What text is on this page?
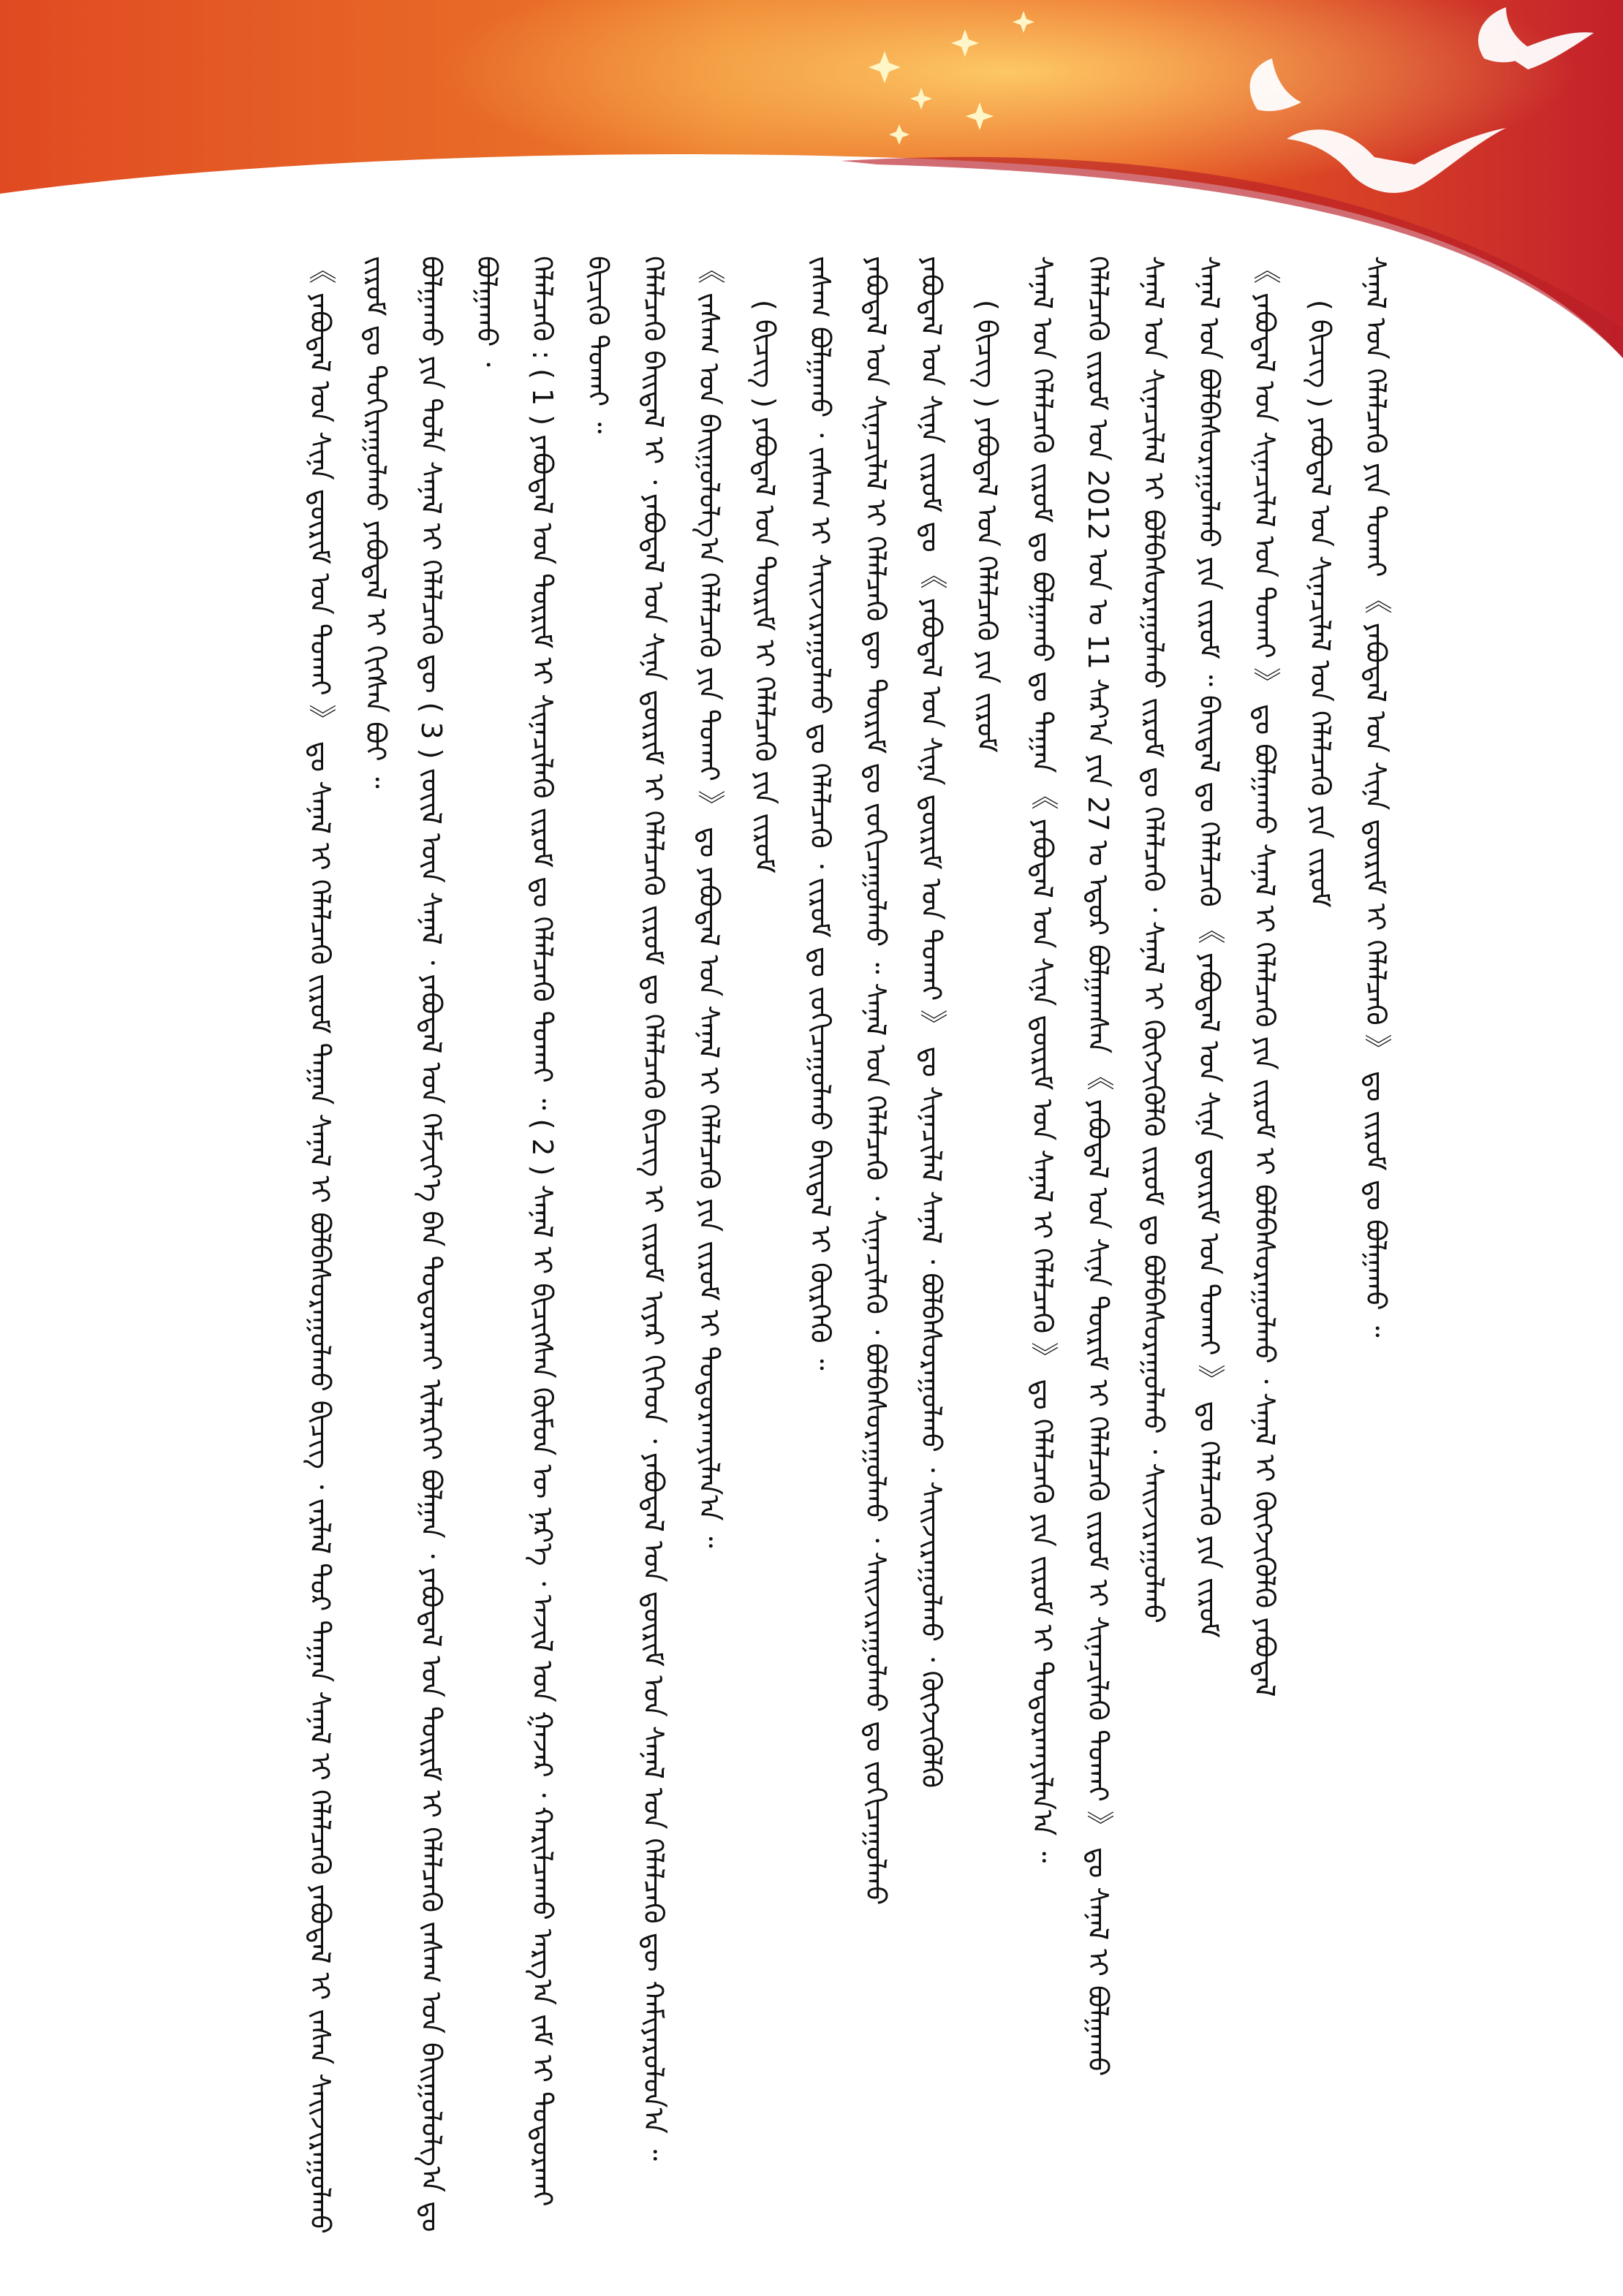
《 ᠶᠠᠪᠤᠳᠠᠯ ᠤᠨ ᠰᠢᠨᠡ ᠳ᠋ᠦᠷᠢᠮ ᠤᠨ ᠲᠤᠬᠠᠢ 》 ᠳᠤ ᠰᠠᠨᠠᠯ ᠢ ᠬᠡᠯᠡᠯᠴᠡᠬᠦ ᠵᠢᠷᠤᠮ ᠳᠠᠭᠠᠨ ᠰᠠᠨᠠᠯ ᠢ ᠪᠤᠯᠪᠠᠰᠤᠷᠠᠭᠤᠯᠬᠤ ᠪᠢᠴᠢᠭ᠌ ᠂ ᠵᠠᠷᠯᠠᠯ ᠳᠤᠷ ᠳᠠᠭᠠᠨ ᠰᠠᠨᠠᠯ ᠢ ᠬᠡᠯᠡᠯᠴᠡᠬᠦ ᠶᠠᠪᠤᠳᠠᠯ ᠢ ᠵᠠᠰᠠᠨ ᠰᠠᠢᠵᠢᠷᠠᠭᠤᠯᠬᠤ ᠵᠢᠷᠤᠮ ᠳᠤ ᠳᠤᠬᠢᠷᠠᠭᠤᠯᠬᠤ ᠶᠠᠪᠤᠳᠠᠯ ᠢ ᠬᠢᠭᠰᠡᠨ ᠪᠤᠢ ᠃ ᠪᠤᠯᠭᠠᠬᠤ ᠶᠢᠨ ᠲᠤᠯᠠ ᠰᠠᠨᠠᠯ ᠢ ᠬᠡᠯᠡᠯᠴᠡᠬᠦ ᠳᠦ ( 3 ) ᠵᠦᠢᠯ ᠦᠨ ᠰᠠᠨᠠᠯ ᠂ ᠶᠠᠪᠤᠳᠠᠯ ᠤᠨ ᠬᠡᠮᠵᠢᠶ᠎ᠡ ᠪᠠᠨ ᠲᠣᠳᠣᠷᠬᠠᠶ ᠢᠯᠡᠷᠬᠡᠶ ᠪᠣᠯᠭᠠᠨ ᠂ ᠶᠠᠪᠤᠳᠠᠯ ᠤᠨ ᠳᠦᠷᠢᠮ ᠢ ᠬᠡᠯᠡᠯᠴᠡᠬᠦ ᠵᠠᠰᠠᠭ ᠤᠨ ᠪᠠᠢᠭᠤᠯᠤᠯᠭ᠎ᠠ ᠳᠤ ᠪᠤᠯᠭᠠᠬᠤ ᠂ ᠬᠡᠯᠡᠯᠴᠡᠬᠦ : ( 1 ) ᠶᠠᠪᠤᠳᠠᠯ ᠤᠨ ᠳᠦᠷᠢᠮ ᠢ ᠰᠢᠨᠡᠴᠢᠯᠡᠬᠦ ᠵᠢᠷᠤᠮ ᠳᠤ ᠬᠡᠯᠡᠯᠴᠡᠬᠦ ᠲᠤᠬᠠᠢ ᠃ ( 2 ) ᠰᠠᠨᠠᠯ ᠢ ᠪᠢᠴᠢᠭᠰᠡᠨ ᠬᠦᠮᠦᠨ ᠦ ᠨᠡᠷ᠎ᠡ ᠂ ᠠᠵᠢᠯ ᠤᠨ ᠭᠠᠵᠠᠷ ᠂ ᠬᠠᠷᠢᠯᠴᠠᠬᠤ ᠠᠷᠭ᠎ᠠ ᠵᠠᠮ ᠢ ᠲᠣᠳᠣᠷᠬᠠᠶ ᠪᠢᠴᠢᠬᠦ ᠲᠤᠬᠠᠢ ᠃ ᠬᠡᠯᠡᠯᠴᠡᠬᠦ ᠪᠠᠢᠳᠠᠯ ᠢ ᠂ ᠶᠠᠪᠤᠳᠠᠯ ᠤᠨ ᠰᠢᠨᠡ ᠳ᠋ᠦᠷᠢᠮ ᠢ ᠬᠡᠯᠡᠯᠴᠡᠬᠦ ᠵᠢᠷᠤᠮ ᠳᠤ ᠬᠡᠯᠡᠯᠴᠡᠬᠦ ᠪᠢᠴᠢᠭ᠌ ᠢ ᠵᠢᠷᠤᠮ ᠢᠶᠠᠷ ᠬᠢᠭᠡᠳ ᠂ ᠶᠠᠪᠤᠳᠠᠯ ᠤᠨ ᠳ᠋ᠦᠷᠢᠮ ᠤᠨ ᠰᠠᠨᠠᠯ ᠤᠨ ᠬᠡᠯᠡᠯᠴᠡᠬᠦ ᠳᠦ ᠬᠠᠮᠢᠶᠠᠷᠤᠯᠤᠨ᠎ᠠ ᠃ 《 ᠵᠠᠰᠠᠭ ᠤᠨ ᠪᠠᠢᠭᠤᠯᠤᠯᠭ᠎ᠠ ᠬᠡᠯᠡᠯᠴᠡᠬᠦ ᠶᠢᠨ ᠲᠤᠬᠠᠢ 》 ᠳᠤ ᠶᠠᠪᠤᠳᠠᠯ ᠤᠨ ᠰᠠᠨᠠᠯ ᠢ ᠬᠡᠯᠡᠯᠴᠡᠬᠦ ᠶᠢᠨ ᠵᠢᠷᠤᠮ ᠢ ᠲᠣᠳᠣᠷᠬᠠᠶᠢᠯᠠᠨ᠎ᠠ ᠃ ( ᠪᠢᠴᠢᠭ᠌ ) ᠶᠠᠪᠤᠳᠠᠯ ᠤᠨ ᠳᠦᠷᠢᠮ ᠢ ᠬᠡᠯᠡᠯᠴᠡᠬᠦ ᠶᠢᠨ ᠵᠢᠷᠤᠮ ᠵᠠᠰᠠᠭ ᠪᠤᠯᠭᠠᠬᠤ ᠂ ᠵᠠᠰᠠᠭ ᠢ ᠰᠠᠢᠵᠢᠷᠠᠭᠤᠯᠬᠤ ᠳᠤ ᠬᠡᠯᠡᠯᠴᠡᠬᠦ ᠂ ᠵᠢᠷᠤᠮ ᠳᠤ ᠵᠤᠬᠢᠴᠠᠭᠤᠯᠬᠤ ᠪᠠᠢᠳᠠᠯ ᠢ ᠬᠦᠷᠭᠡᠬᠦ ᠃ ᠶᠠᠪᠤᠳᠠᠯ ᠤᠨ ᠰᠢᠨᠡᠴᠢᠯᠡᠯ ᠢ ᠬᠡᠯᠡᠯᠴᠡᠬᠦ ᠳᠦ ᠳᠦᠷᠢᠮ ᠳᠤ ᠵᠤᠬᠢᠴᠠᠭᠤᠯᠬᠤ ᠃ ᠰᠠᠨᠠᠯ ᠤᠨ ᠬᠡᠯᠡᠯᠴᠡᠬᠦ ᠂ ᠰᠢᠨᠡᠴᠢᠯᠡᠬᠦ ᠂ ᠪᠤᠯᠪᠠᠰᠤᠷᠠᠭᠤᠯᠬᠤ ᠂ ᠰᠠᠢᠵᠢᠷᠠᠭᠤᠯᠬᠤ ᠳᠤ ᠵᠤᠬᠢᠴᠠᠭᠤᠯᠬᠤ ᠶᠠᠪᠤᠳᠠᠯ ᠤᠨ ᠰᠢᠨᠡ ᠵᠢᠷᠤᠮ ᠳᠤ 《 ᠶᠠᠪᠤᠳᠠᠯ ᠤᠨ ᠰᠢᠨᠡ ᠳ᠋ᠦᠷᠢᠮ ᠤᠨ ᠲᠤᠬᠠᠢ 》 ᠳᠤ ᠰᠢᠨᠡᠴᠢᠯᠡᠯ ᠰᠠᠨᠠᠯ ᠂ ᠪᠤᠯᠪᠠᠰᠤᠷᠠᠭᠤᠯᠬᠤ ᠂ ᠰᠠᠢᠵᠢᠷᠠᠭᠤᠯᠬᠤ ᠂ ᠬᠦᠭᠵᠢᠭᠦᠯᠬᠦ ( ᠪᠢᠴᠢᠭ᠌ ) ᠶᠠᠪᠤᠳᠠᠯ ᠤᠨ ᠬᠡᠯᠡᠯᠴᠡᠬᠦ ᠶᠢᠨ ᠵᠢᠷᠤᠮ ᠰᠠᠨᠠᠯ ᠤᠨ ᠬᠡᠯᠡᠯᠴᠡᠬᠦ ᠵᠢᠷᠤᠮ ᠳᠤ ᠪᠤᠯᠭᠠᠬᠤ ᠳᠤ ᠳᠠᠭᠠᠨ 《 ᠶᠠᠪᠤᠳᠠᠯ ᠤᠨ ᠰᠢᠨᠡ ᠳ᠋ᠦᠷᠢᠮ ᠤᠨ ᠰᠠᠨᠠᠯ ᠢ ᠬᠡᠯᠡᠯᠴᠡᠬᠦ 》 ᠳᠤ ᠬᠡᠯᠡᠯᠴᠡᠬᠦ ᠶᠢᠨ ᠵᠢᠷᠤᠮ ᠢ ᠲᠣᠳᠣᠷᠬᠠᠶᠢᠯᠠᠨ᠎ᠠ ᠃ ᠬᠡᠯᠡᠯᠴᠡᠬᠦ ᠵᠢᠷᠤᠮ ᠤᠨ 2012 ᠣᠨ ᠤ 11 ᠰᠠᠷ᠎ᠠ ᠶᠢᠨ 27 ᠤ ᠡᠳᠦᠷ ᠪᠤᠯᠭᠠᠭᠰᠠᠨ 《 ᠶᠠᠪᠤᠳᠠᠯ ᠤᠨ ᠰᠢᠨᠡ ᠳᠦᠷᠢᠮ ᠢ ᠬᠡᠯᠡᠯᠴᠡᠬᠦ ᠵᠢᠷᠤᠮ ᠢ ᠰᠢᠨᠡᠴᠢᠯᠡᠬᠦ ᠲᠤᠬᠠᠢ 》 ᠳᠤ ᠰᠠᠨᠠᠯ ᠢ ᠪᠤᠯᠭᠠᠬᠤ ᠰᠠᠨᠠᠯ ᠤᠨ ᠰᠢᠨᠡᠴᠢᠯᠡᠯ ᠢ ᠪᠤᠯᠪᠠᠰᠤᠷᠠᠭᠤᠯᠬᠤ ᠵᠢᠷᠤᠮ ᠳᠤ ᠬᠡᠯᠡᠯᠴᠡᠬᠦ ᠂ ᠰᠠᠨᠠᠯ ᠢ ᠬᠦᠭᠵᠢᠭᠦᠯᠬᠦ ᠵᠢᠷᠤᠮ ᠳᠤ ᠪᠤᠯᠪᠠᠰᠤᠷᠠᠭᠤᠯᠬᠤ ᠂ ᠰᠠᠢᠵᠢᠷᠠᠭᠤᠯᠬᠤ ᠰᠠᠨᠠᠯ ᠤᠨ ᠪᠤᠯᠪᠠᠰᠤᠷᠠᠭᠤᠯᠬᠤ ᠶᠢᠨ ᠵᠢᠷᠤᠮ ᠃ ᠪᠠᠢᠳᠠᠯ ᠳᠤ ᠬᠡᠯᠡᠯᠴᠡᠬᠦ 《 ᠶᠠᠪᠤᠳᠠᠯ ᠤᠨ ᠰᠢᠨᠡ ᠳ᠋ᠦᠷᠢᠮ ᠤᠨ ᠲᠤᠬᠠᠢ 》 ᠳᠤ ᠬᠡᠯᠡᠯᠴᠡᠬᠦ ᠶᠢᠨ ᠵᠢᠷᠤᠮ 《 ᠶᠠᠪᠤᠳᠠᠯ ᠤᠨ ᠰᠢᠨᠡᠴᠢᠯᠡᠯ ᠤᠨ ᠲᠤᠬᠠᠢ 》 ᠳᠤ ᠪᠤᠯᠭᠠᠬᠤ ᠰᠠᠨᠠᠯ ᠢ ᠬᠡᠯᠡᠯᠴᠡᠬᠦ ᠶᠢᠨ ᠵᠢᠷᠤᠮ ᠢ ᠪᠤᠯᠪᠠᠰᠤᠷᠠᠭᠤᠯᠬᠤ ᠂ ᠰᠠᠨᠠᠯ ᠢ ᠬᠦᠭᠵᠢᠭᠦᠯᠬᠦ ᠶᠠᠪᠤᠳᠠᠯ ( ᠪᠢᠴᠢᠭ᠌ ) ᠶᠠᠪᠤᠳᠠᠯ ᠤᠨ ᠰᠢᠨᠡᠴᠢᠯᠡᠯ ᠤᠨ ᠬᠡᠯᠡᠯᠴᠡᠬᠦ ᠶᠢᠨ ᠵᠢᠷᠤᠮ ᠰᠠᠨᠠᠯ ᠤᠨ ᠬᠡᠯᠡᠯᠴᠡᠬᠦ ᠶᠢᠨ ᠲᠤᠬᠠᠢ 《 ᠶᠠᠪᠤᠳᠠᠯ ᠤᠨ ᠰᠢᠨᠡ ᠳ᠋ᠦᠷᠢᠮ ᠢ ᠬᠡᠯᠡᠯᠴᠡᠬᠦ 》 ᠳᠤ ᠵᠢᠷᠤᠮ ᠳᠤ ᠪᠤᠯᠭᠠᠬᠤ ᠃
